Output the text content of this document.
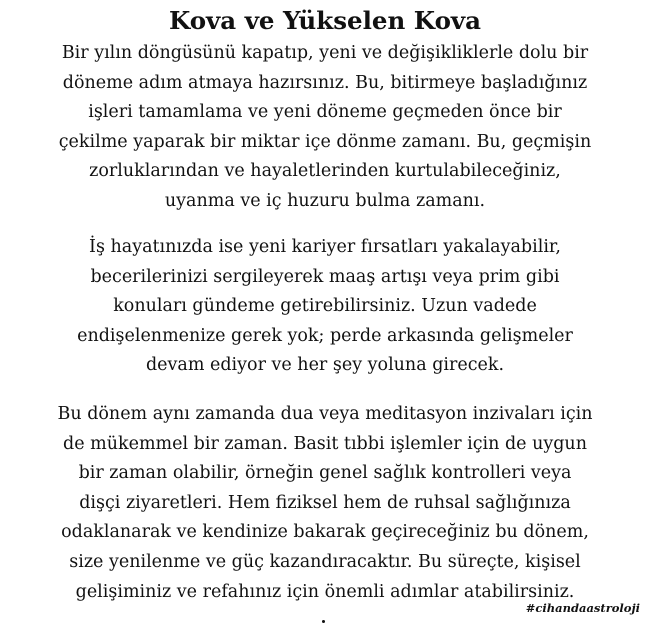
Kova ve Yükselen Kova
Bir yılın döngüsünü kapatıp, yeni ve değişikliklerle dolu bir
döneme adım atmaya hazırsınız. Bu, bitirmeye başladığınız
işleri tamamlama ve yeni döneme geçmeden önce bir
çekilme yaparak bir miktar içe dönme zamanı. Bu, geçmişin
zorluklarından ve hayaletlerinden kurtulabileceğiniz,
uyanma ve iç huzuru bulma zamanı.
İş hayatınızda ise yeni kariyer fırsatları yakalayabilir,
becerilerinizi sergileyerek maaş artışı veya prim gibi
konuları gündeme getirebilirsiniz. Uzun vadede
endişelenmenize gerek yok; perde arkasında gelişmeler
devam ediyor ve her şey yoluna girecek.
Bu dönem aynı zamanda dua veya meditasyon inzivaları için
de mükemmel bir zaman. Basit tıbbi işlemler için de uygun
bir zaman olabilir, örneğin genel sağlık kontrolleri veya
dişçi ziyaretleri. Hem fiziksel hem de ruhsal sağlığınıza
odaklanarak ve kendinize bakarak geçireceğiniz bu dönem,
size yenilenme ve güç kazandıracaktır. Bu süreçte, kişisel
gelişiminiz ve refahınız için önemli adımlar atabilirsiniz.
#cihandaastroloji
